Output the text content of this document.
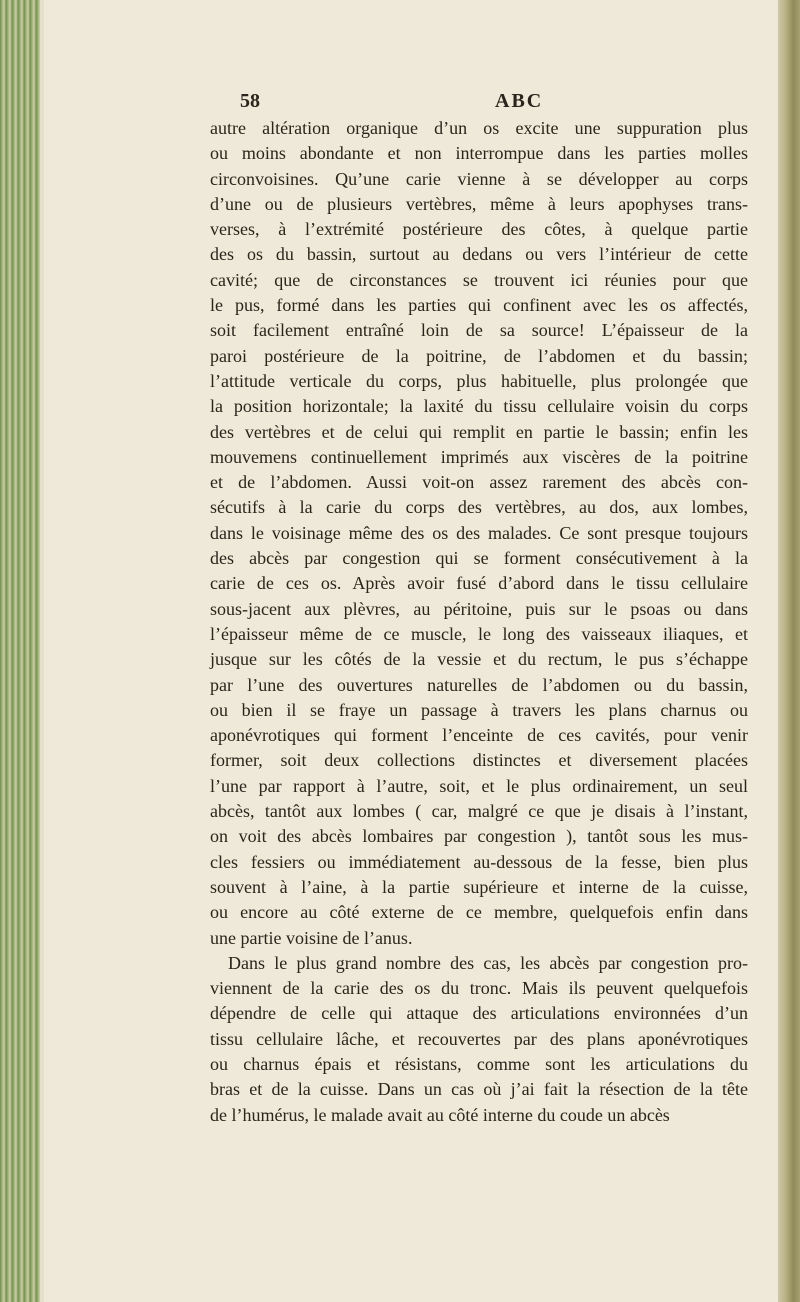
58	ABC
autre altération organique d’un os excite une suppuration plus
ou moins abondante et non interrompue dans les parties molles
circonvoisines. Qu’une carie vienne à se développer au corps
d’une ou de plusieurs vertèbres, même à leurs apophyses trans-
verses, à l’extrémité postérieure des côtes, à quelque partie
des os du bassin, surtout au dedans ou vers l’intérieur de cette
cavité; que de circonstances se trouvent ici réunies pour que
le pus, formé dans les parties qui confinent avec les os affectés,
soit facilement entraîné loin de sa source! L’épaisseur de la
paroi postérieure de la poitrine, de l’abdomen et du bassin;
l’attitude verticale du corps, plus habituelle, plus prolongée que
la position horizontale; la laxité du tissu cellulaire voisin du corps
des vertèbres et de celui qui remplit en partie le bassin; enfin les
mouvemens continuellement imprimés aux viscères de la poitrine
et de l’abdomen. Aussi voit-on assez rarement des abcès con-
sécutifs à la carie du corps des vertèbres, au dos, aux lombes,
dans le voisinage même des os des malades. Ce sont presque toujours
des abcès par congestion qui se forment consécutivement à la
carie de ces os. Après avoir fusé d’abord dans le tissu cellulaire
sous-jacent aux plèvres, au péritoine, puis sur le psoas ou dans
l’épaisseur même de ce muscle, le long des vaisseaux iliaques, et
jusque sur les côtés de la vessie et du rectum, le pus s’échappe
par l’une des ouvertures naturelles de l’abdomen ou du bassin,
ou bien il se fraye un passage à travers les plans charnus ou
aponévrotiques qui forment l’enceinte de ces cavités, pour venir
former, soit deux collections distinctes et diversement placées
l’une par rapport à l’autre, soit, et le plus ordinairement, un seul
abcès, tantôt aux lombes ( car, malgré ce que je disais à l’instant,
on voit des abcès lombaires par congestion ), tantôt sous les mus-
cles fessiers ou immédiatement au-dessous de la fesse, bien plus
souvent à l’aine, à la partie supérieure et interne de la cuisse,
ou encore au côté externe de ce membre, quelquefois enfin dans
une partie voisine de l’anus.
Dans le plus grand nombre des cas, les abcès par congestion pro-
viennent de la carie des os du tronc. Mais ils peuvent quelquefois
dépendre de celle qui attaque des articulations environnées d’un
tissu cellulaire lâche, et recouvertes par des plans aponévrotiques
ou charnus épais et résistans, comme sont les articulations du
bras et de la cuisse. Dans un cas où j’ai fait la résection de la tête
de l’humérus, le malade avait au côté interne du coude un abcès
